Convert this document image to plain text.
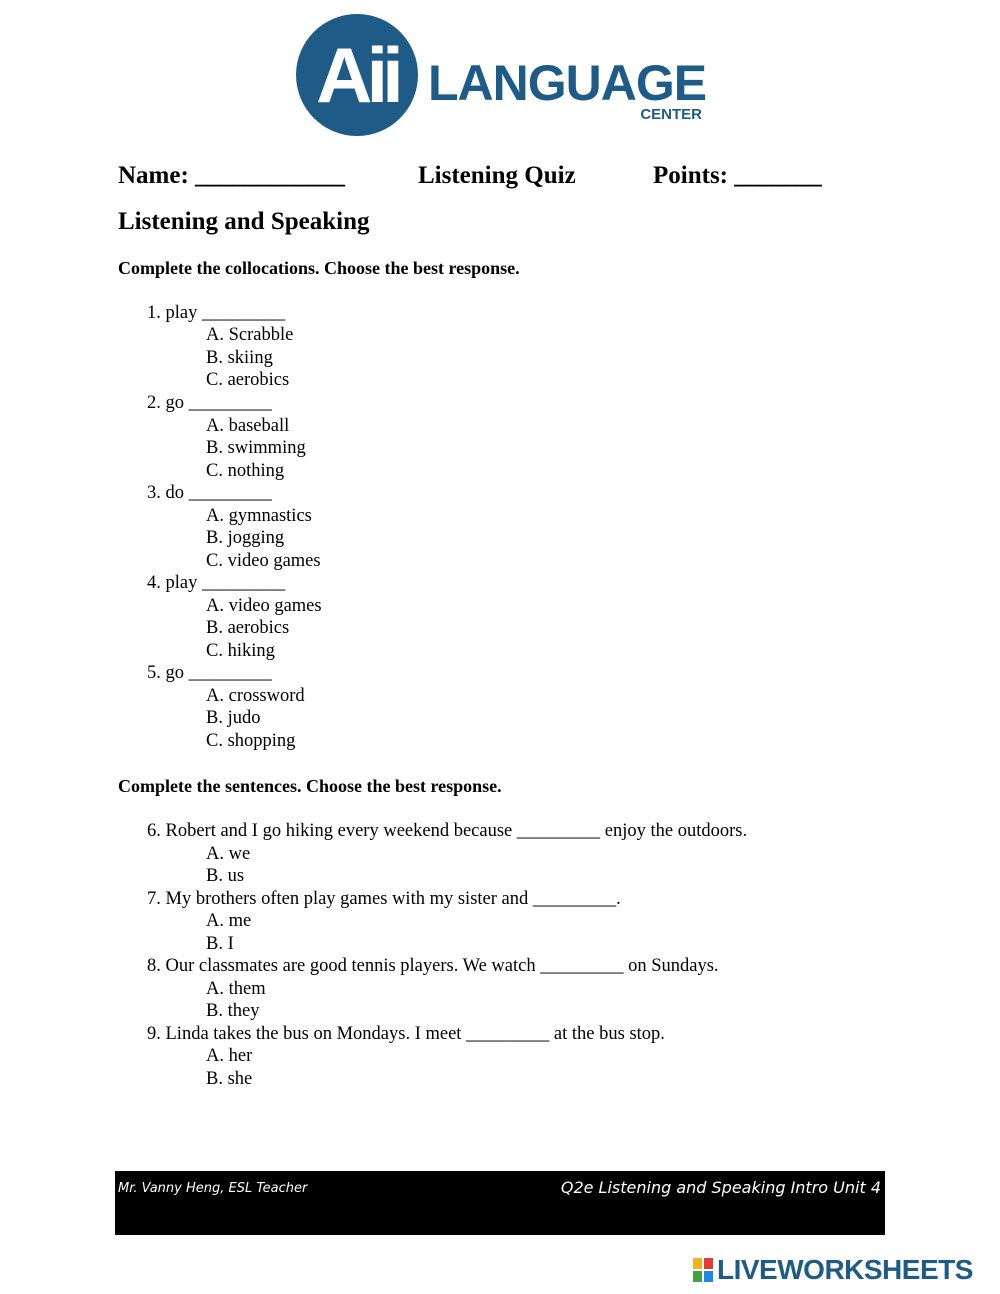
Aii LANGUAGE
CENTER
Name: ____________	Listening Quiz	Points: _______
Listening and Speaking
Complete the collocations. Choose the best response.
1. play _________
A. Scrabble
B. skiing
C. aerobics
2. go _________
A. baseball
B. swimming
C. nothing
3. do _________
A. gymnastics
B. jogging
C. video games
4. play _________
A. video games
B. aerobics
C. hiking
5. go _________
A. crossword
B. judo
C. shopping
Complete the sentences. Choose the best response.
6. Robert and I go hiking every weekend because _________ enjoy the outdoors.
A. we
B. us
7. My brothers often play games with my sister and _________.
A. me
B. I
8. Our classmates are good tennis players. We watch _________ on Sundays.
A. them
B. they
9. Linda takes the bus on Mondays. I meet _________ at the bus stop.
A. her
B. she
Mr. Vanny Heng, ESL Teacher	Q2e Listening and Speaking Intro Unit 4
LIVEWORKSHEETS
